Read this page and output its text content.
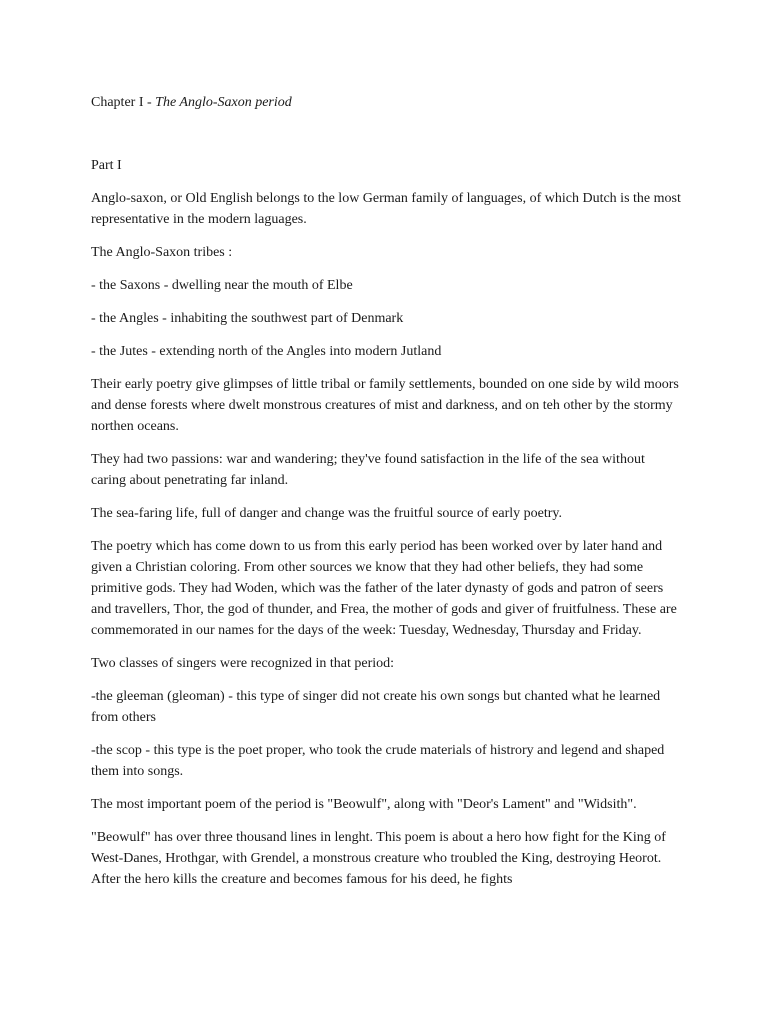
Chapter I - The Anglo-Saxon period
Part I

Anglo-saxon, or Old English belongs to the low German family of languages, of which Dutch is the most representative in the modern laguages.

The Anglo-Saxon tribes :

- the Saxons - dwelling near the mouth of Elbe

- the Angles - inhabiting the southwest part of Denmark

- the Jutes - extending north of the Angles into modern Jutland

Their early poetry give glimpses of little tribal or family settlements, bounded on one side by wild moors and dense forests where dwelt monstrous creatures of mist and darkness, and on teh other by the stormy northen oceans.

They had two passions: war and wandering; they've found satisfaction in the life of the sea without caring about penetrating far inland.

The sea-faring life, full of danger and change was the fruitful source of early poetry.

The poetry which has come down to us from this early period has been worked over by later hand and given a Christian coloring. From other sources we know that they had other beliefs, they had some primitive gods. They had Woden, which was the father of the later dynasty of gods and patron of seers and travellers, Thor, the god of thunder, and Frea, the mother of gods and giver of fruitfulness. These are commemorated in our names for the days of the week: Tuesday, Wednesday, Thursday and Friday.

Two classes of singers were recognized in that period:

-the gleeman (gleoman) - this type of singer did not create his own songs but chanted what he learned from others

-the scop - this type is the poet proper, who took the crude materials of histrory and legend and shaped them into songs.

The most important poem of the period is "Beowulf", along with "Deor's Lament" and "Widsith".

"Beowulf" has over three thousand lines in lenght. This poem is about a hero how fight for the King of West-Danes, Hrothgar, with Grendel, a monstrous creature who troubled the King, destroying Heorot. After the hero kills the creature and becomes famous for his deed, he fights
